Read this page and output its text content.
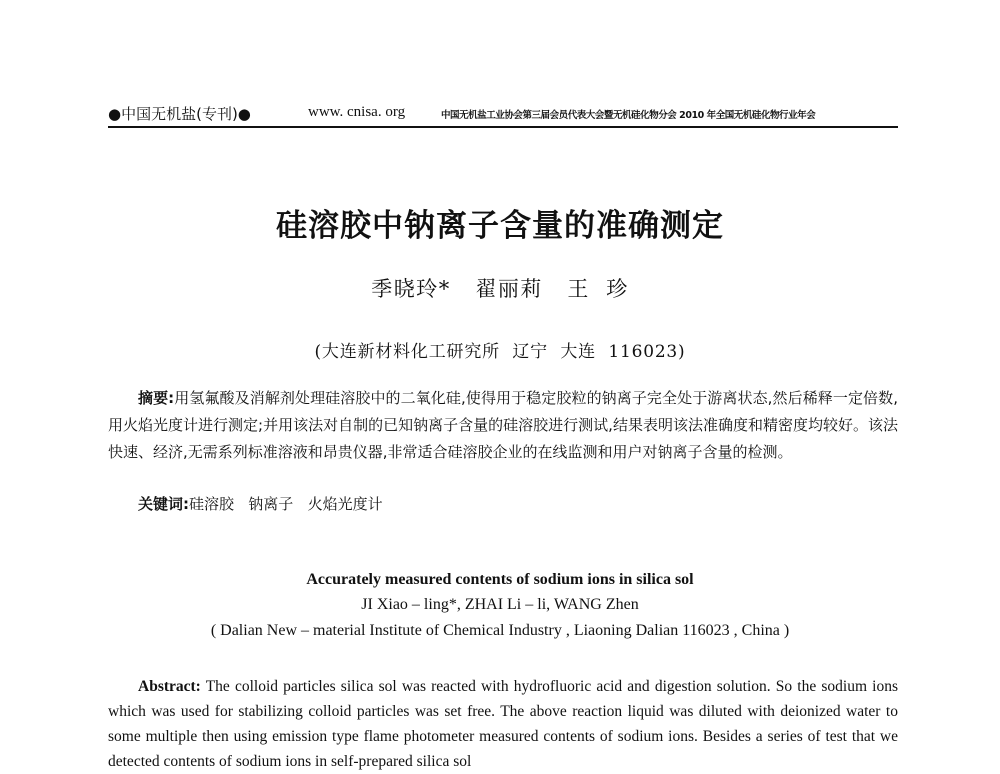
●中国无机盐(专刊)●	www. cnisa. org	中国无机盐工业协会第三届会员代表大会暨无机硅化物分会 2010 年全国无机硅化物行业年会
硅溶胶中钠离子含量的准确测定
季晓玲*   翟丽莉   王  珍
(大连新材料化工研究所  辽宁  大连  116023)
摘要:用氢氟酸及消解剂处理硅溶胶中的二氧化硅,使得用于稳定胶粒的钠离子完全处于游离状态,然后稀释一定倍数,用火焰光度计进行测定;并用该法对自制的已知钠离子含量的硅溶胶进行测试,结果表明该法准确度和精密度均较好。该法快速、经济,无需系列标准溶液和昂贵仪器,非常适合硅溶胶企业的在线监测和用户对钠离子含量的检测。
关键词:硅溶胶   钠离子   火焰光度计
Accurately measured contents of sodium ions in silica sol
JI Xiao – ling*, ZHAI Li – li, WANG Zhen
( Dalian New – material Institute of Chemical Industry , Liaoning Dalian 116023 , China )
Abstract: The colloid particles silica sol was reacted with hydrofluoric acid and digestion solution. So the sodium ions which was used for stabilizing colloid particles was set free. The above reaction liquid was diluted with deionized water to some multiple then using emission type flame photometer measured contents of sodium ions. Besides a series of test that we detected contents of sodium ions in self-prepared silica sol
